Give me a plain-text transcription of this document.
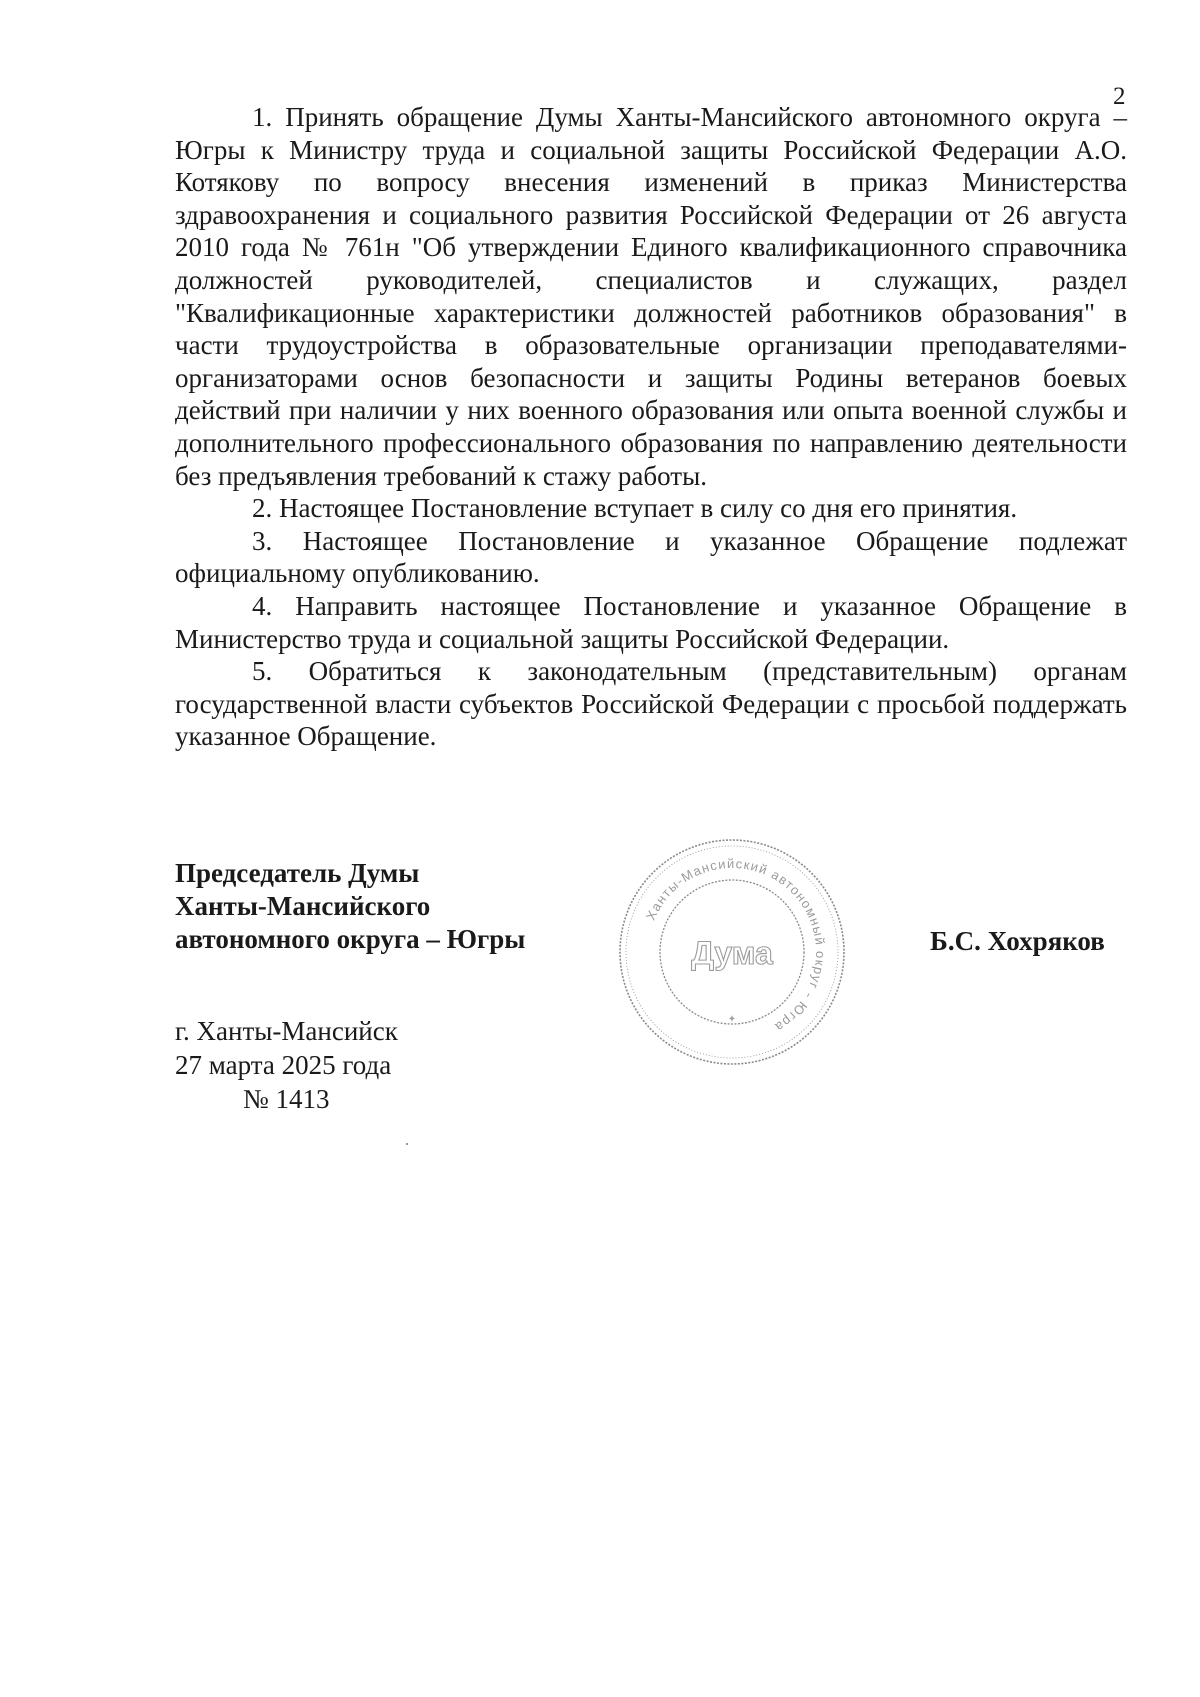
2

1. Принять обращение Думы Ханты-Мансийского автономного округа – Югры к Министру труда и социальной защиты Российской Федерации А.О. Котякову по вопросу внесения изменений в приказ Министерства здравоохранения и социального развития Российской Федерации от 26 августа 2010 года № 761н "Об утверждении Единого квалификационного справочника должностей руководителей, специалистов и служащих, раздел "Квалификационные характеристики должностей работников образования" в части трудоустройства в образовательные организации преподавателями-организаторами основ безопасности и защиты Родины ветеранов боевых действий при наличии у них военного образования или опыта военной службы и дополнительного профессионального образования по направлению деятельности без предъявления требований к стажу работы.

2. Настоящее Постановление вступает в силу со дня его принятия.

3. Настоящее Постановление и указанное Обращение подлежат официальному опубликованию.

4. Направить настоящее Постановление и указанное Обращение в Министерство труда и социальной защиты Российской Федерации.

5. Обратиться к законодательным (представительным) органам государственной власти субъектов Российской Федерации с просьбой поддержать указанное Обращение.

Председатель Думы
Ханты-Мансийского
автономного округа – Югры
Ханты-Мансийский автономный округ - Югра
Дума
✦
Б.С. Хохряков
г. Ханты-Мансийск
27 марта 2025 года
№ 1413
